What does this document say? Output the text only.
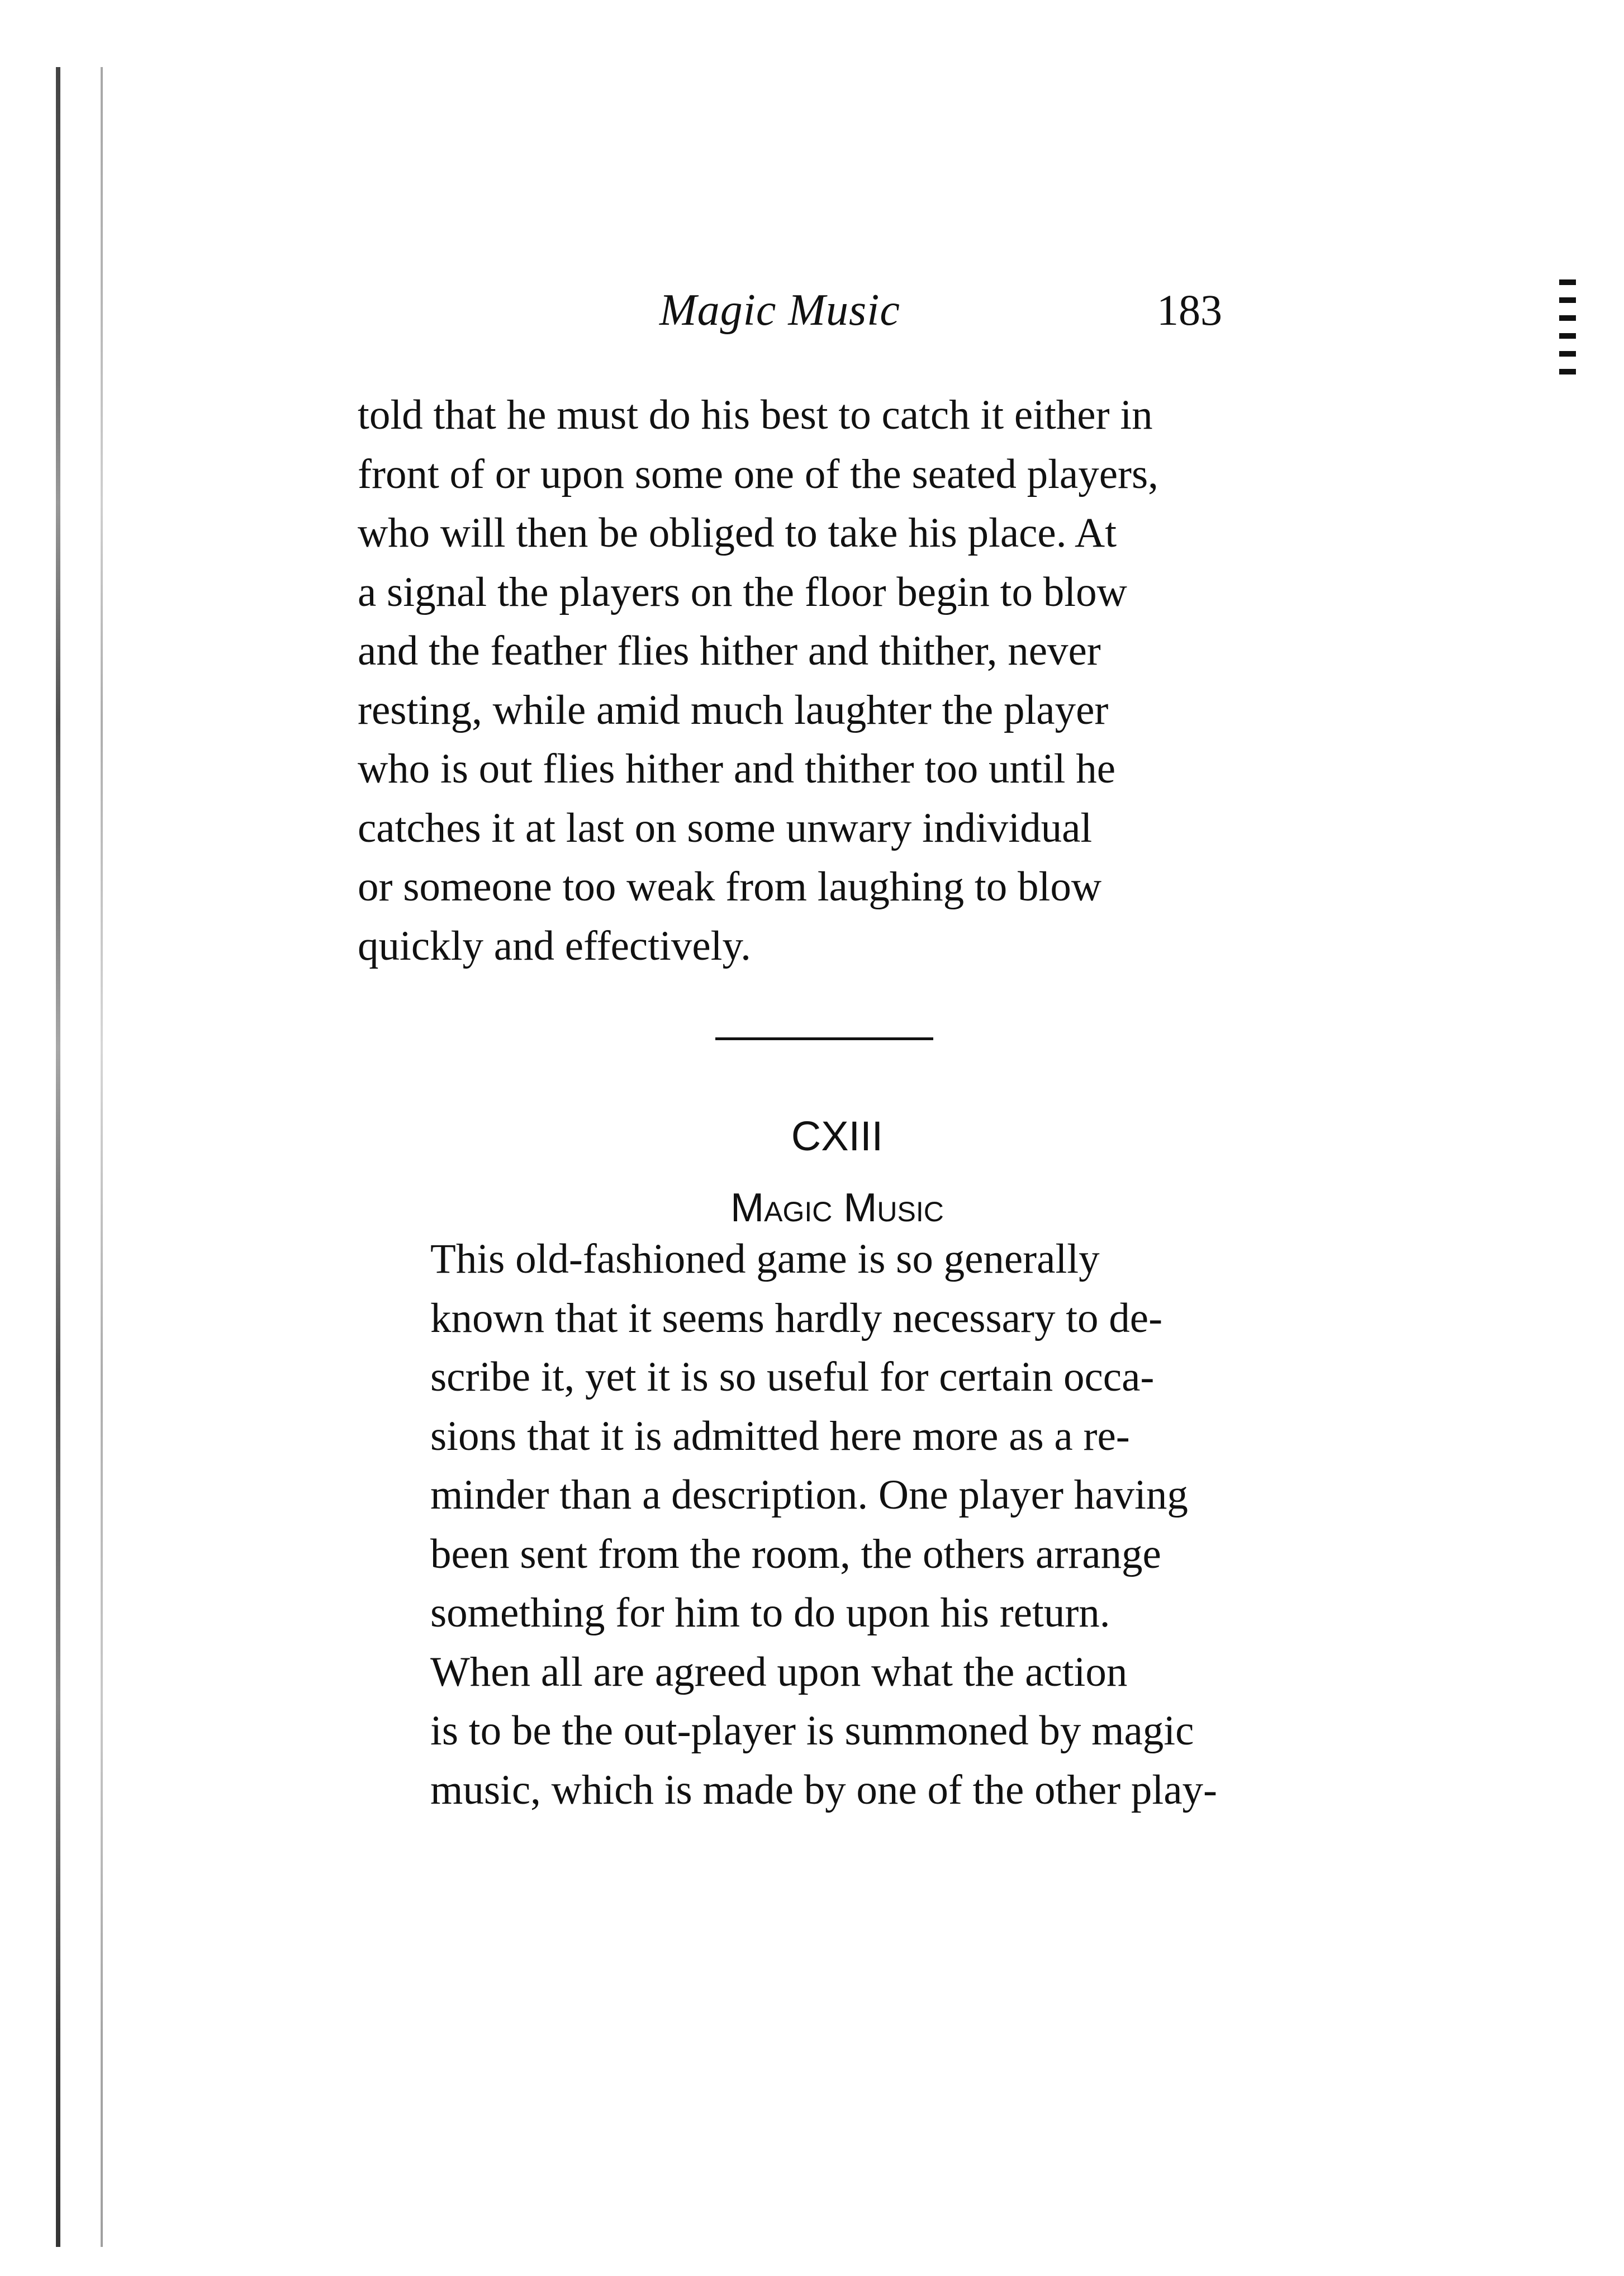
Magic Music	183
told that he must do his best to catch it either in
front of or upon some one of the seated players,
who will then be obliged to take his place. At
a signal the players on the floor begin to blow
and the feather flies hither and thither, never
resting, while amid much laughter the player
who is out flies hither and thither too until he
catches it at last on some unwary individual
or someone too weak from laughing to blow
quickly and effectively.
CXIII
Magic Music
This old-fashioned game is so generally
known that it seems hardly necessary to de-
scribe it, yet it is so useful for certain occa-
sions that it is admitted here more as a re-
minder than a description. One player having
been sent from the room, the others arrange
something for him to do upon his return.
When all are agreed upon what the action
is to be the out-player is summoned by magic
music, which is made by one of the other play-
